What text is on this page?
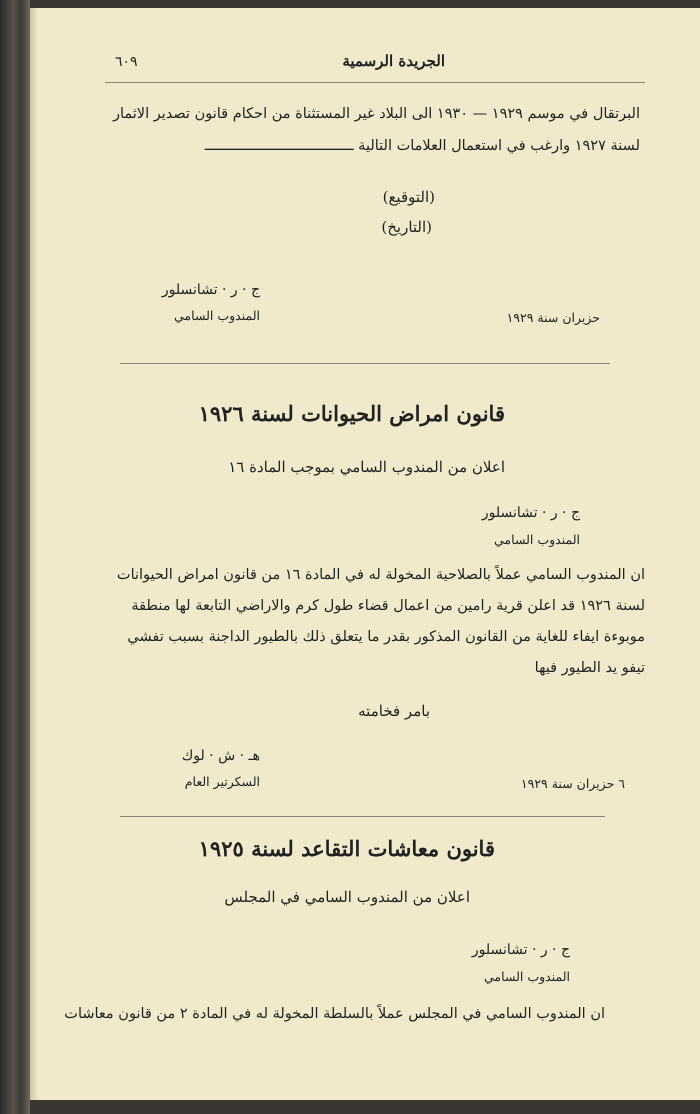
الجريدة الرسمية
٦٠٩
البرتقال في موسم ١٩٢٩ — ١٩٣٠ الى البلاد غير المستثناة من احكام قانون تصدير الاثمار
لسنة ١٩٢٧ وارغب في استعمال العلامات التالية ـــــــــــــــــــــــــــــــــــ
(التوقيع)
(التاريخ)
ج · ر · تشانسلور
المندوب السامي	حزيران سنة ١٩٢٩
قانون امراض الحيوانات لسنة ١٩٢٦
اعلان من المندوب السامي بموجب المادة ١٦
ج · ر · تشانسلور
المندوب السامي
ان المندوب السامي عملاً بالصلاحية المخولة له في المادة ١٦ من قانون امراض الحيوانات
لسنة ١٩٢٦ قد اعلن قرية رامين من اعمال قضاء طول كرم والاراضي التابعة لها منطقة
موبوءة ايفاء للغاية من القانون المذكور بقدر ما يتعلق ذلك بالطيور الداجنة بسبب تفشي
تيفو يد الطيور فيها
بامر فخامته
هـ · ش · لوك
السكرتير العام	٦ حزيران سنة ١٩٢٩
قانون معاشات التقاعد لسنة ١٩٢٥
اعلان من المندوب السامي في المجلس
ج · ر · تشانسلور
المندوب السامي
ان المندوب السامي في المجلس عملاً بالسلطة المخولة له في المادة ٢ من قانون معاشات
